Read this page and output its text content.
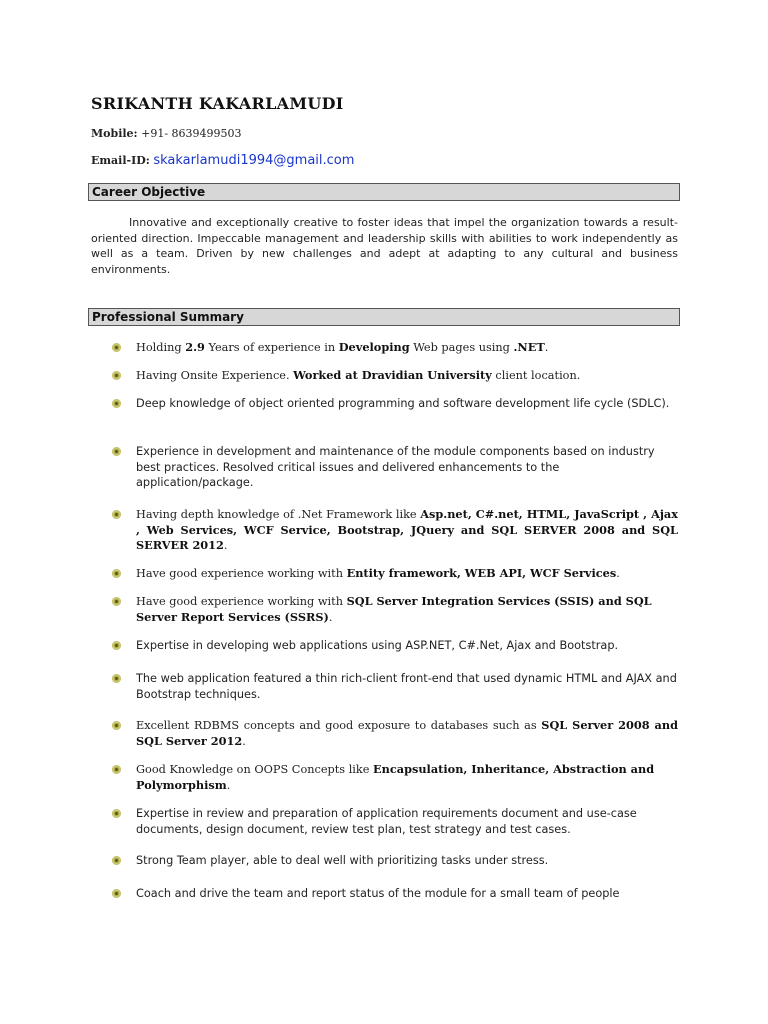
SRIKANTH KAKARLAMUDI
Mobile: +91- 8639499503
Email-ID: skakarlamudi1994@gmail.com
Career Objective

Innovative and exceptionally creative to foster ideas that impel the organization towards a result-oriented direction. Impeccable management and leadership skills with abilities to work independently as well as a team. Driven by new challenges and adept at adapting to any cultural and business environments.

Professional Summary
Holding 2.9 Years of experience in Developing Web pages using .NET.
Having Onsite Experience. Worked at Dravidian University client location.
Deep knowledge of object oriented programming and software development life cycle (SDLC).
Experience in development and maintenance of the module components based on industry best practices. Resolved critical issues and delivered enhancements to the application/package.
Having depth knowledge of .Net Framework like Asp.net, C#.net, HTML, JavaScript , Ajax , Web Services, WCF Service, Bootstrap, JQuery and SQL SERVER 2008 and SQL SERVER 2012.
Have good experience working with Entity framework, WEB API, WCF Services.
Have good experience working with SQL Server Integration Services (SSIS) and SQL Server Report Services (SSRS).
Expertise in developing web applications using ASP.NET, C#.Net, Ajax and Bootstrap.
The web application featured a thin rich-client front-end that used dynamic HTML and AJAX and Bootstrap techniques.
Excellent RDBMS concepts and good exposure to databases such as SQL Server 2008 and SQL Server 2012.
Good Knowledge on OOPS Concepts like Encapsulation, Inheritance, Abstraction and Polymorphism.
Expertise in review and preparation of application requirements document and use-case documents, design document, review test plan, test strategy and test cases.
Strong Team player, able to deal well with prioritizing tasks under stress.
Coach and drive the team and report status of the module for a small team of people
